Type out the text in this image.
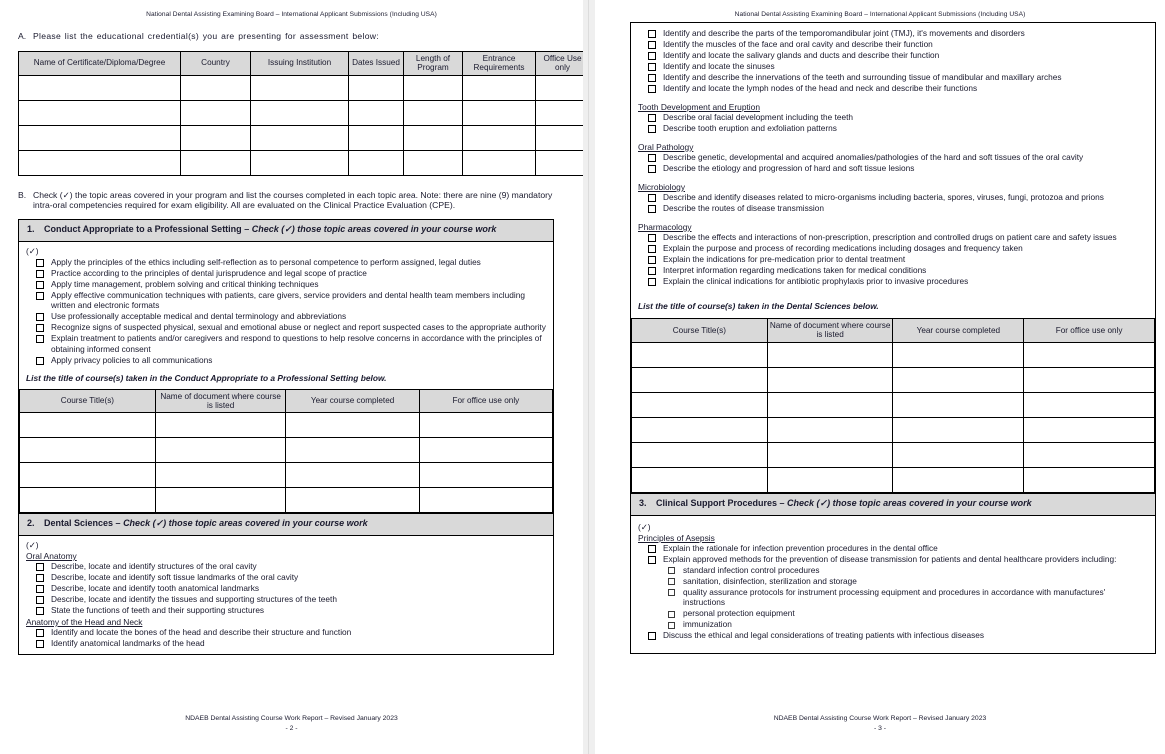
National Dental Assisting Examining Board – International Applicant Submissions (Including USA)
A. Please list the educational credential(s) you are presenting for assessment below:
Name of Certificate/Diploma/Degree	Country	Issuing Institution	Dates Issued	Length of Program	Entrance Requirements	Office Use only

B. Check (✓) the topic areas covered in your program and list the courses completed in each topic area. Note: there are nine (9) mandatory intra-oral competencies required for exam eligibility. All are evaluated on the Clinical Practice Evaluation (CPE).
1. Conduct Appropriate to a Professional Setting – Check (✓) those topic areas covered in your course work
(✓)
Apply the principles of the ethics including self-reflection as to personal competence to perform assigned, legal duties
Practice according to the principles of dental jurisprudence and legal scope of practice
Apply time management, problem solving and critical thinking techniques
Apply effective communication techniques with patients, care givers, service providers and dental health team members including written and electronic formats
Use professionally acceptable medical and dental terminology and abbreviations
Recognize signs of suspected physical, sexual and emotional abuse or neglect and report suspected cases to the appropriate authority
Explain treatment to patients and/or caregivers and respond to questions to help resolve concerns in accordance with the principles of obtaining informed consent
Apply privacy policies to all communications
List the title of course(s) taken in the Conduct Appropriate to a Professional Setting below.
Course Title(s)	Name of document where course is listed	Year course completed	For office use only

2. Dental Sciences – Check (✓) those topic areas covered in your course work
(✓)
Oral Anatomy
Describe, locate and identify structures of the oral cavity
Describe, locate and identify soft tissue landmarks of the oral cavity
Describe, locate and identify tooth anatomical landmarks
Describe, locate and identify the tissues and supporting structures of the teeth
State the functions of teeth and their supporting structures
Anatomy of the Head and Neck
Identify and locate the bones of the head and describe their structure and function
Identify anatomical landmarks of the head
NDAEB Dental Assisting Course Work Report – Revised January 2023
- 2 -
National Dental Assisting Examining Board – International Applicant Submissions (Including USA)
Identify and describe the parts of the temporomandibular joint (TMJ), it's movements and disorders
Identify the muscles of the face and oral cavity and describe their function
Identify and locate the salivary glands and ducts and describe their function
Identify and locate the sinuses
Identify and describe the innervations of the teeth and surrounding tissue of mandibular and maxillary arches
Identify and locate the lymph nodes of the head and neck and describe their functions
Tooth Development and Eruption
Describe oral facial development including the teeth
Describe tooth eruption and exfoliation patterns
Oral Pathology
Describe genetic, developmental and acquired anomalies/pathologies of the hard and soft tissues of the oral cavity
Describe the etiology and progression of hard and soft tissue lesions
Microbiology
Describe and identify diseases related to micro-organisms including bacteria, spores, viruses, fungi, protozoa and prions
Describe the routes of disease transmission
Pharmacology
Describe the effects and interactions of non-prescription, prescription and controlled drugs on patient care and safety issues
Explain the purpose and process of recording medications including dosages and frequency taken
Explain the indications for pre-medication prior to dental treatment
Interpret information regarding medications taken for medical conditions
Explain the clinical indications for antibiotic prophylaxis prior to invasive procedures
List the title of course(s) taken in the Dental Sciences below.
Course Title(s)	Name of document where course is listed	Year course completed	For office use only

3. Clinical Support Procedures – Check (✓) those topic areas covered in your course work
(✓)
Principles of Asepsis
Explain the rationale for infection prevention procedures in the dental office
Explain approved methods for the prevention of disease transmission for patients and dental healthcare providers including:
standard infection control procedures
sanitation, disinfection, sterilization and storage
quality assurance protocols for instrument processing equipment and procedures in accordance with manufactures' instructions
personal protection equipment
immunization
Discuss the ethical and legal considerations of treating patients with infectious diseases
NDAEB Dental Assisting Course Work Report – Revised January 2023
- 3 -
